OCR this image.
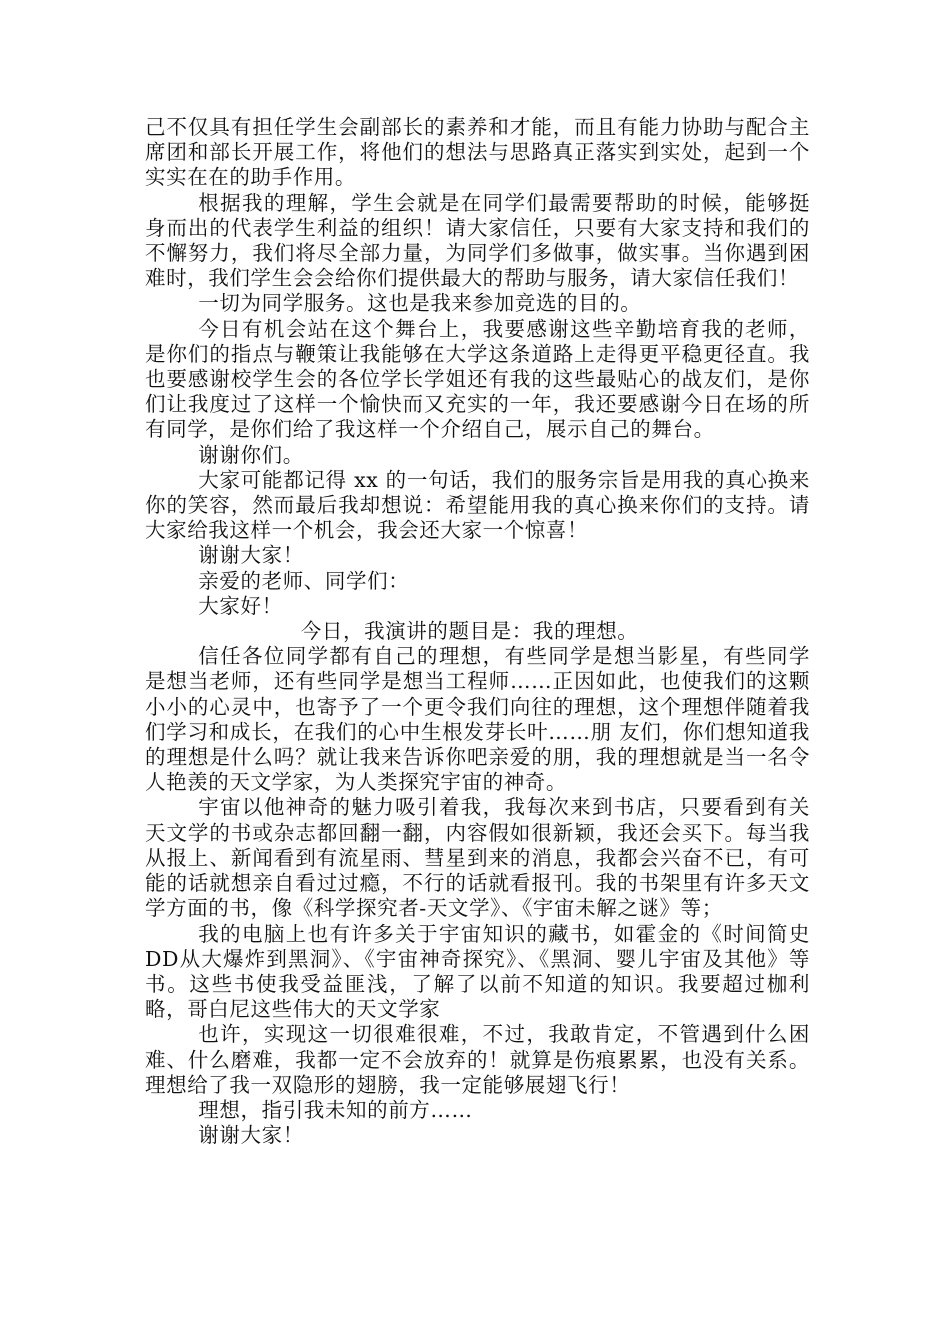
己不仅具有担任学生会副部长的素养和才能，而且有能力协助与配合主席团和部长开展工作，将他们的想法与思路真正落实到实处，起到一个实实在在的助手作用。

根据我的理解，学生会就是在同学们最需要帮助的时候，能够挺身而出的代表学生利益的组织！请大家信任，只要有大家支持和我们的不懈努力，我们将尽全部力量，为同学们多做事，做实事。当你遇到困难时，我们学生会会给你们提供最大的帮助与服务，请大家信任我们！

一切为同学服务。这也是我来参加竞选的目的。

今日有机会站在这个舞台上，我要感谢这些辛勤培育我的老师，是你们的指点与鞭策让我能够在大学这条道路上走得更平稳更径直。我也要感谢校学生会的各位学长学姐还有我的这些最贴心的战友们，是你们让我度过了这样一个愉快而又充实的一年，我还要感谢今日在场的所有同学，是你们给了我这样一个介绍自己，展示自己的舞台。

谢谢你们。

大家可能都记得 xx 的一句话，我们的服务宗旨是用我的真心换来你的笑容，然而最后我却想说：希望能用我的真心换来你们的支持。请大家给我这样一个机会，我会还大家一个惊喜！

谢谢大家！

亲爱的老师、同学们：

大家好！

今日，我演讲的题目是：我的理想。

信任各位同学都有自己的理想，有些同学是想当影星，有些同学是想当老师，还有些同学是想当工程师……正因如此，也使我们的这颗小小的心灵中，也寄予了一个更令我们向往的理想，这个理想伴随着我们学习和成长，在我们的心中生根发芽长叶……朋 友们，你们想知道我的理想是什么吗？就让我来告诉你吧亲爱的朋，我的理想就是当一名令人艳羡的天文学家，为人类探究宇宙的神奇。

宇宙以他神奇的魅力吸引着我，我每次来到书店，只要看到有关天文学的书或杂志都回翻一翻，内容假如很新颖，我还会买下。每当我从报上、新闻看到有流星雨、彗星到来的消息，我都会兴奋不已，有可能的话就想亲自看过过瘾，不行的话就看报刊。我的书架里有许多天文学方面的书，像《科学探究者-天文学》、《宇宙未解之谜》等；

我的电脑上也有许多关于宇宙知识的藏书，如霍金的《时间简史DD从大爆炸到黑洞》、《宇宙神奇探究》、《黑洞、婴儿宇宙及其他》等书。这些书使我受益匪浅，了解了以前不知道的知识。我要超过枷利略，哥白尼这些伟大的天文学家

也许，实现这一切很难很难，不过，我敢肯定，不管遇到什么困难、什么磨难，我都一定不会放弃的！就算是伤痕累累，也没有关系。理想给了我一双隐形的翅膀，我一定能够展翅飞行！

理想，指引我未知的前方……

谢谢大家！
